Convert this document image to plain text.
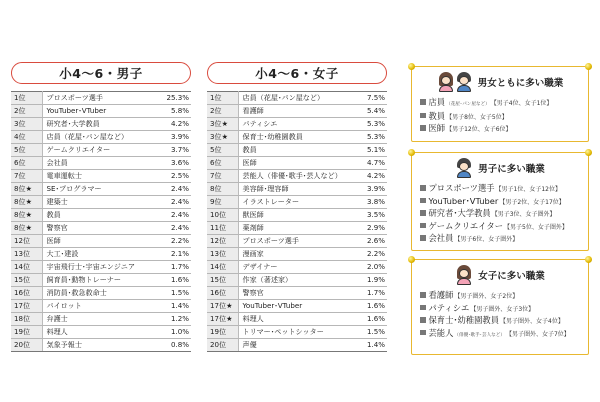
小4～6・男子
1位	プロスポーツ選手	25.3%
2位	YouTuber･VTuber	5.8%
3位	研究者･大学教員	4.2%
4位	店員（花屋･パン屋など）	3.9%
5位	ゲームクリエイター	3.7%
6位	会社員	3.6%
7位	電車運転士	2.5%
8位★	SE･プログラマー	2.4%
8位★	建築士	2.4%
8位★	教員	2.4%
8位★	警察官	2.4%
12位	医師	2.2%
13位	大工･建設	2.1%
14位	宇宙飛行士･宇宙エンジニア	1.7%
15位	飼育員･動物トレーナー	1.6%
16位	消防員･救急救命士	1.5%
17位	パイロット	1.4%
18位	弁護士	1.2%
19位	料理人	1.0%
20位	気象予報士	0.8%
小4～6・女子
1位	店員（花屋･パン屋など）	7.5%
2位	看護師	5.4%
3位★	パティシエ	5.3%
3位★	保育士･幼稚園教員	5.3%
5位	教員	5.1%
6位	医師	4.7%
7位	芸能人（俳優･歌手･芸人など）	4.2%
8位	美容師･理容師	3.9%
9位	イラストレーター	3.8%
10位	獣医師	3.5%
11位	薬剤師	2.9%
12位	プロスポーツ選手	2.6%
13位	漫画家	2.2%
14位	デザイナー	2.0%
15位	作家（著述家）	1.9%
16位	警察官	1.7%
17位★	YouTuber･VTuber	1.6%
17位★	料理人	1.6%
19位	トリマー･ペットシッター	1.5%
20位	声優	1.4%
男女ともに多い職業
店員 （花屋･パン屋など） 【男子4位、女子1位】
教員 【男子8位、女子5位】
医師 【男子12位、女子6位】
男子に多い職業
プロスポーツ選手 【男子1位、女子12位】
YouTuber･VTuber 【男子2位、女子17位】
研究者･大学教員 【男子3位、女子圏外】
ゲームクリエイター 【男子5位、女子圏外】
会社員 【男子6位、女子圏外】
女子に多い職業
看護師 【男子圏外、女子2位】
パティシエ 【男子圏外、女子3位】
保育士･幼稚園教員 【男子圏外、女子4位】
芸能人 （俳優･歌手･芸人など） 【男子圏外、女子7位】
